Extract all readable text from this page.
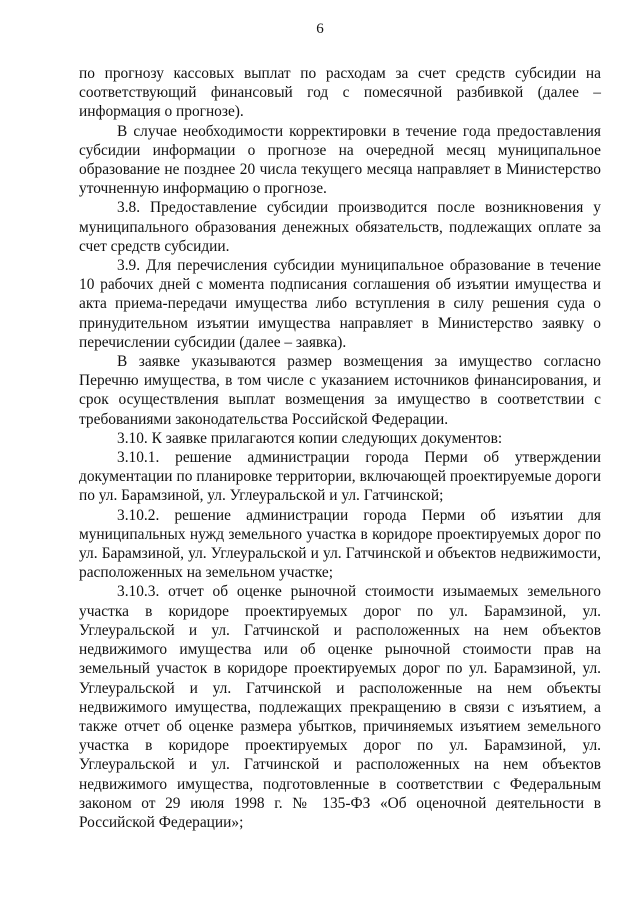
6

по прогнозу кассовых выплат по расходам за счет средств субсидии на соответствующий финансовый год с помесячной разбивкой (далее – информация о прогнозе).

В случае необходимости корректировки в течение года предоставления субсидии информации о прогнозе на очередной месяц муниципальное образование не позднее 20 числа текущего месяца направляет в Министерство уточненную информацию о прогнозе.

3.8. Предоставление субсидии производится после возникновения у муниципального образования денежных обязательств, подлежащих оплате за счет средств субсидии.

3.9. Для перечисления субсидии муниципальное образование в течение 10 рабочих дней с момента подписания соглашения об изъятии имущества и акта приема-передачи имущества либо вступления в силу решения суда о принудительном изъятии имущества направляет в Министерство заявку о перечислении субсидии (далее – заявка).

В заявке указываются размер возмещения за имущество согласно Перечню имущества, в том числе с указанием источников финансирования, и срок осуществления выплат возмещения за имущество в соответствии с требованиями законодательства Российской Федерации.

3.10. К заявке прилагаются копии следующих документов:

3.10.1. решение администрации города Перми об утверждении документации по планировке территории, включающей проектируемые дороги по ул. Барамзиной, ул. Углеуральской и ул. Гатчинской;

3.10.2. решение администрации города Перми об изъятии для муниципальных нужд земельного участка в коридоре проектируемых дорог по ул. Барамзиной, ул. Углеуральской и ул. Гатчинской и объектов недвижимости, расположенных на земельном участке;

3.10.3. отчет об оценке рыночной стоимости изымаемых земельного участка в коридоре проектируемых дорог по ул. Барамзиной, ул. Углеуральской и ул. Гатчинской и расположенных на нем объектов недвижимого имущества или об оценке рыночной стоимости прав на земельный участок в коридоре проектируемых дорог по ул. Барамзиной, ул. Углеуральской и ул. Гатчинской и расположенные на нем объекты недвижимого имущества, подлежащих прекращению в связи с изъятием, а также отчет об оценке размера убытков, причиняемых изъятием земельного участка в коридоре проектируемых дорог по ул. Барамзиной, ул. Углеуральской и ул. Гатчинской и расположенных на нем объектов недвижимого имущества, подготовленные в соответствии с Федеральным законом от 29 июля 1998 г. № 135-ФЗ «Об оценочной деятельности в Российской Федерации»;
